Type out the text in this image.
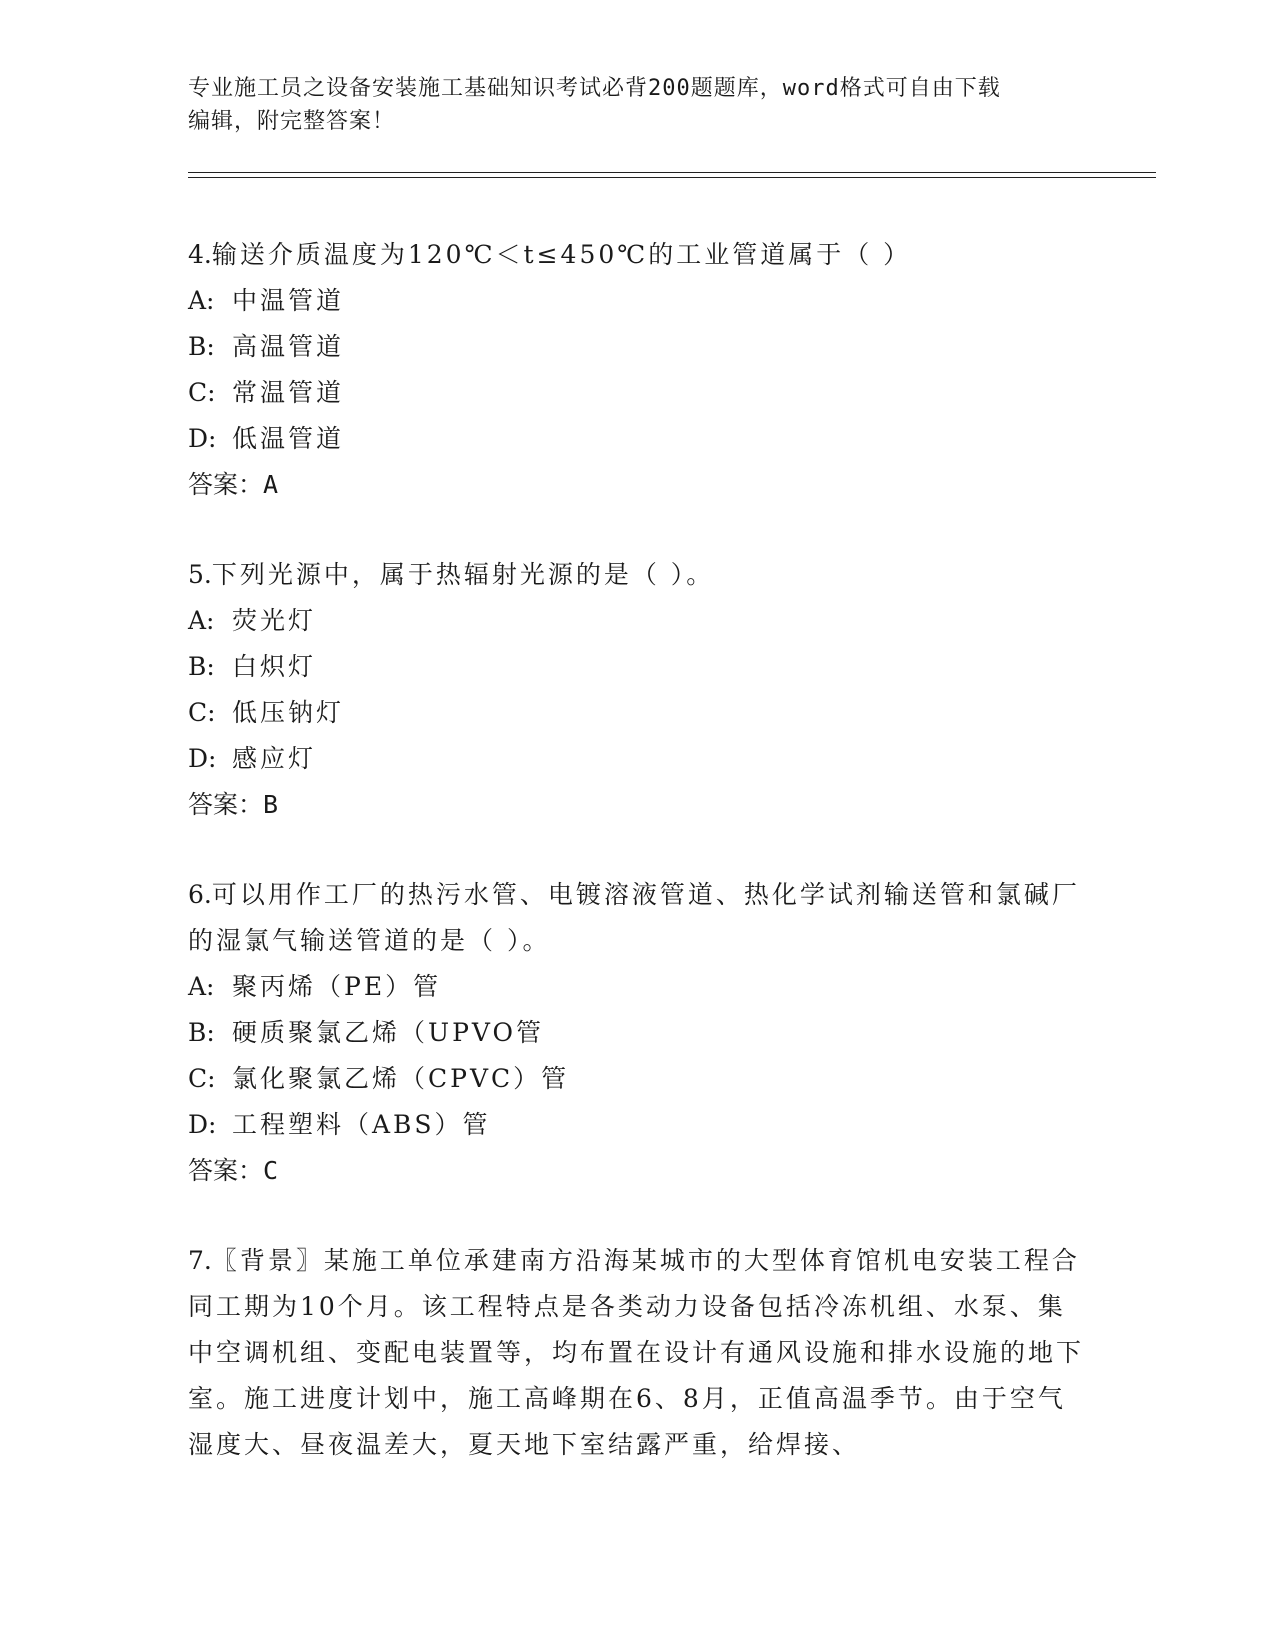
专业施工员之设备安装施工基础知识考试必背200题题库，word格式可自由下载
编辑，附完整答案！
4.输送介质温度为120℃＜t≤450℃的工业管道属于（ ）
A: 中温管道
B: 高温管道
C: 常温管道
D: 低温管道
答案：A
5.下列光源中，属于热辐射光源的是（ ）。
A: 荧光灯
B: 白炽灯
C: 低压钠灯
D: 感应灯
答案：B
6.可以用作工厂的热污水管、电镀溶液管道、热化学试剂输送管和氯碱厂的湿氯气输送管道的是（ ）。
A: 聚丙烯（PE）管
B: 硬质聚氯乙烯（UPVO管
C: 氯化聚氯乙烯（CPVC）管
D: 工程塑料（ABS）管
答案：C
7.〖背景〗某施工单位承建南方沿海某城市的大型体育馆机电安装工程合同工期为10个月。该工程特点是各类动力设备包括冷冻机组、水泵、集中空调机组、变配电装置等，均布置在设计有通风设施和排水设施的地下室。施工进度计划中，施工高峰期在6、8月，正值高温季节。由于空气湿度大、昼夜温差大，夏天地下室结露严重，给焊接、
